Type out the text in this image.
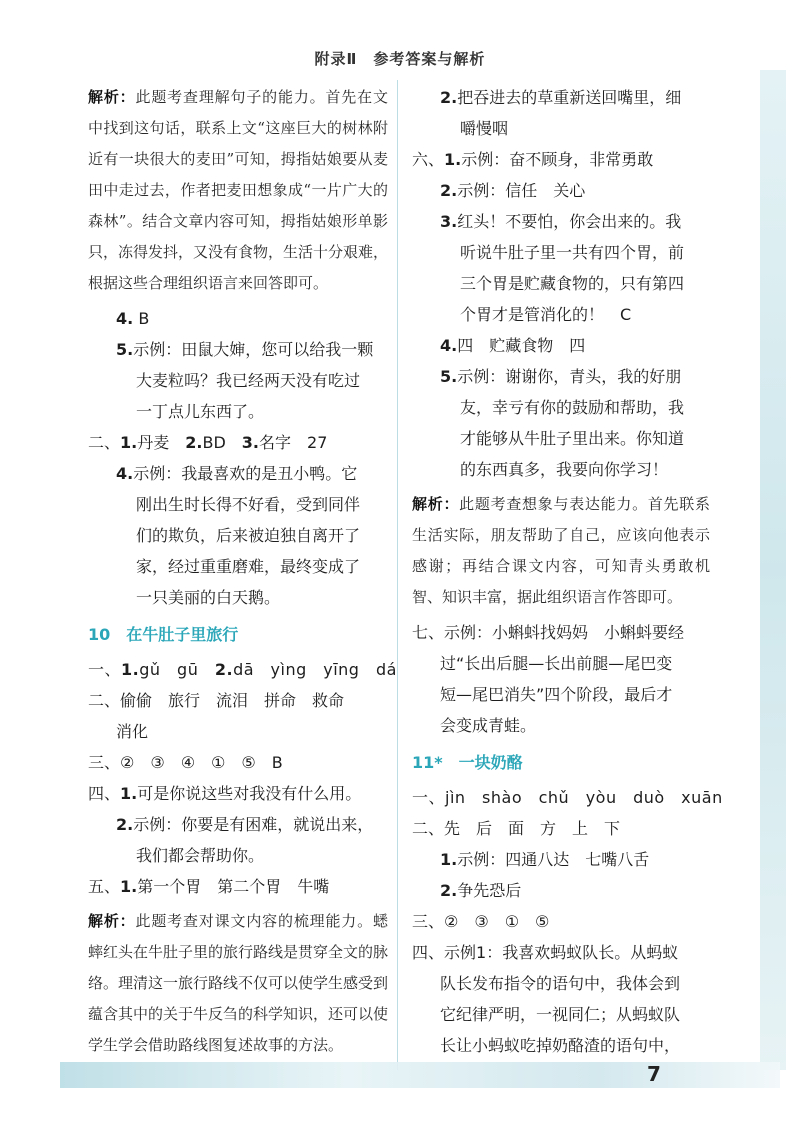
附录Ⅱ　参考答案与解析
解析：此题考查理解句子的能力。首先在文中找到这句话，联系上文“这座巨大的树林附近有一块很大的麦田”可知，拇指姑娘要从麦田中走过去，作者把麦田想象成“一片广大的森林”。结合文章内容可知，拇指姑娘形单影只，冻得发抖，又没有食物，生活十分艰难，根据这些合理组织语言来回答即可。
4. B
5.示例：田鼠大婶，您可以给我一颗
大麦粒吗？我已经两天没有吃过
一丁点儿东西了。
二、1.丹麦　 2.BD　 3.名字　27
4.示例：我最喜欢的是丑小鸭。它
刚出生时长得不好看，受到同伴
们的欺负，后来被迫独自离开了
家，经过重重磨难，最终变成了
一只美丽的白天鹅。
10　 在牛肚子里旅行
一、1.gǔ　gū　 2.dā　yìng　yīng　dá
二、偷偷　旅行　流泪　拼命　救命
消化
三、②　③　④　①　⑤　B
四、1.可是你说这些对我没有什么用。
2.示例：你要是有困难，就说出来，
我们都会帮助你。
五、1.第一个胃　第二个胃　牛嘴
解析：此题考查对课文内容的梳理能力。蟋蟀红头在牛肚子里的旅行路线是贯穿全文的脉络。理清这一旅行路线不仅可以使学生感受到蕴含其中的关于牛反刍的科学知识，还可以使学生学会借助路线图复述故事的方法。
2.把吞进去的草重新送回嘴里，细
嚼慢咽
六、1.示例：奋不顾身，非常勇敢
2.示例：信任　关心
3.红头！不要怕，你会出来的。我
听说牛肚子里一共有四个胃，前
三个胃是贮藏食物的，只有第四
个胃才是管消化的！　C
4.四　贮藏食物　四
5.示例：谢谢你，青头，我的好朋
友，幸亏有你的鼓励和帮助，我
才能够从牛肚子里出来。你知道
的东西真多，我要向你学习！
解析：此题考查想象与表达能力。首先联系生活实际，朋友帮助了自己，应该向他表示感谢；再结合课文内容，可知青头勇敢机智、知识丰富，据此组织语言作答即可。
七、示例：小蝌蚪找妈妈　小蝌蚪要经
过“长出后腿—长出前腿—尾巴变
短—尾巴消失”四个阶段，最后才
会变成青蛙。
11*　 一块奶酪
一、jìn　shào　chǔ　yòu　duò　xuān
二、先　后　面　方　上　下
1.示例：四通八达　七嘴八舌
2.争先恐后
三、②　③　①　⑤
四、示例1：我喜欢蚂蚁队长。从蚂蚁
队长发布指令的语句中，我体会到
它纪律严明，一视同仁；从蚂蚁队
长让小蚂蚁吃掉奶酪渣的语句中，
7
